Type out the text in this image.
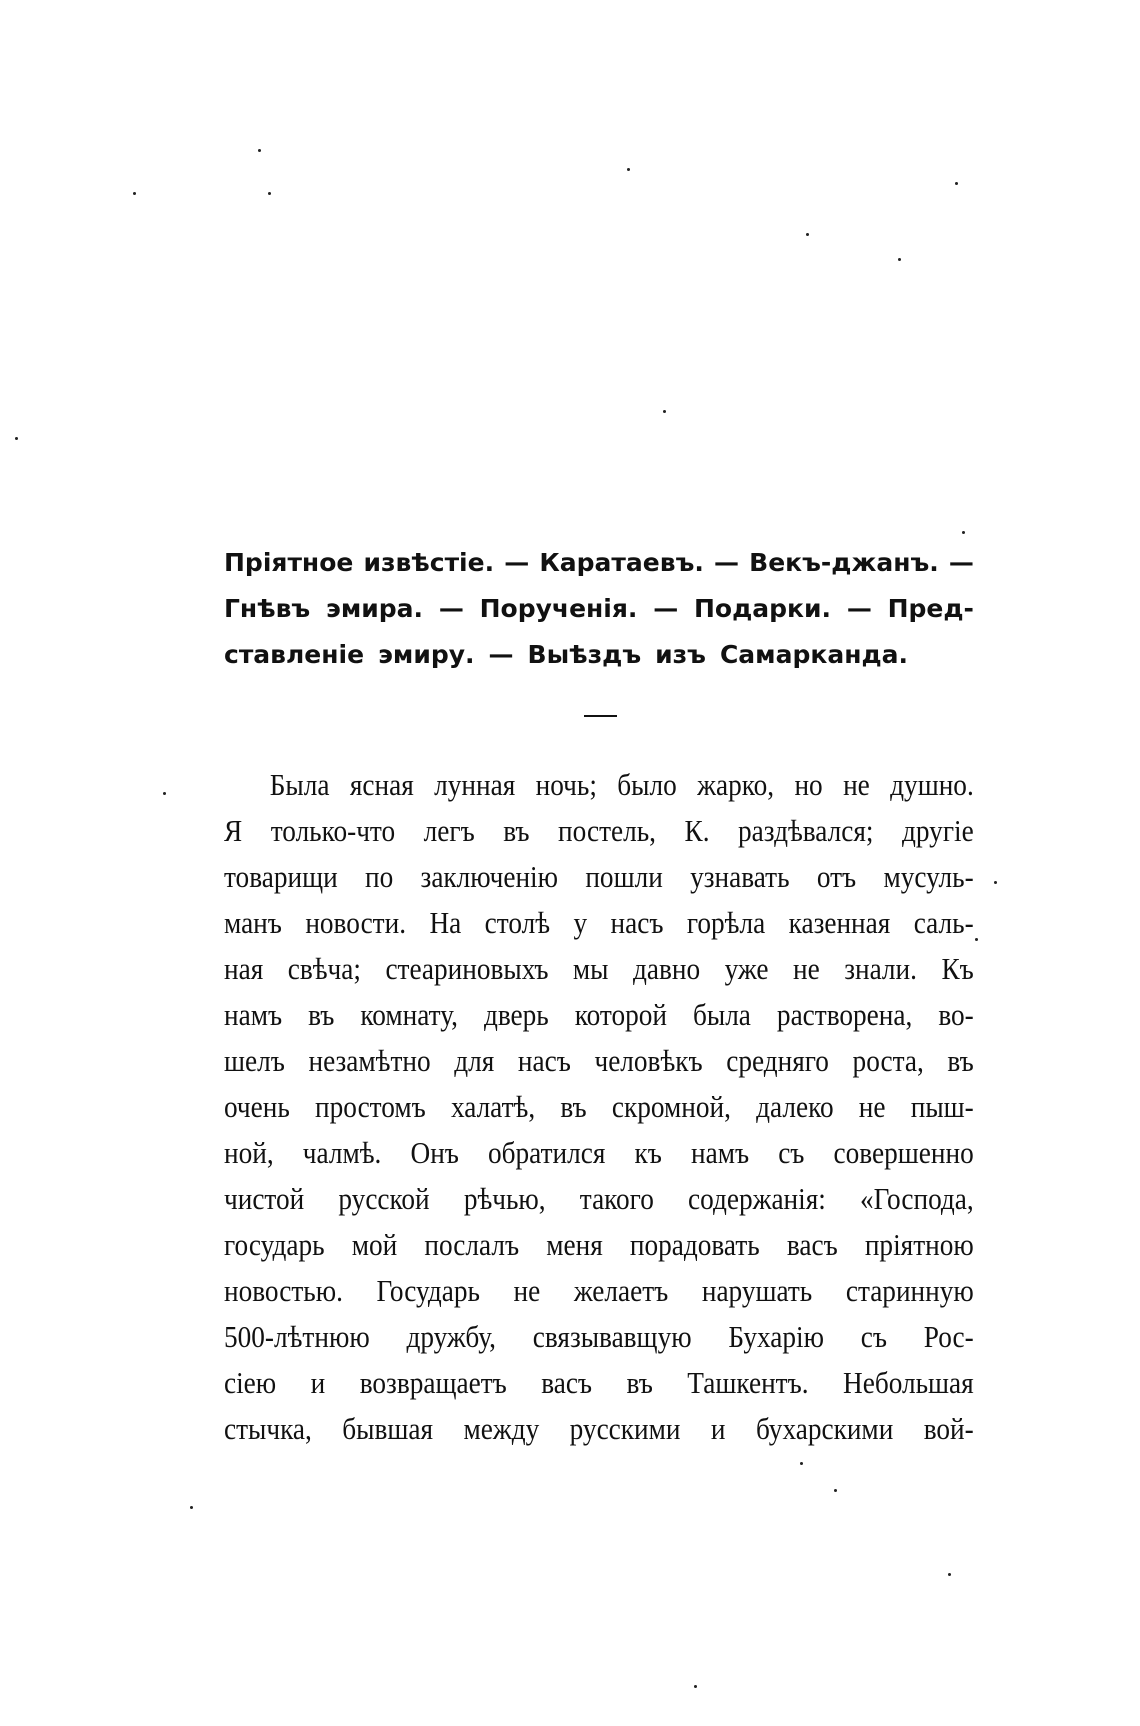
Пріятное извѣстіе. — Каратаевъ. — Векъ-джанъ. —
Гнѣвъ эмира. — Порученія. — Подарки. — Пред-
ставленіе эмиру. — Выѣздъ изъ Самарканда.
Была ясная лунная ночь; было жарко, но не душно.
Я только-что легъ въ постель, К. раздѣвался; другіе
товарищи по заключенію пошли узнавать отъ мусуль-
манъ новости. На столѣ у насъ горѣла казенная саль-
ная свѣча; стеариновыхъ мы давно уже не знали. Къ
намъ въ комнату, дверь которой была растворена, во-
шелъ незамѣтно для насъ человѣкъ средняго роста, въ
очень простомъ халатѣ, въ скромной, далеко не пыш-
ной, чалмѣ. Онъ обратился къ намъ съ совершенно
чистой русской рѣчью, такого содержанія: «Господа,
государь мой послалъ меня порадовать васъ пріятною
новостью. Государь не желаетъ нарушать старинную
500-лѣтнюю дружбу, связывавщую Бухарію съ Рос-
сіею и возвращаетъ васъ въ Ташкентъ. Небольшая
стычка, бывшая между русскими и бухарскими вой-
